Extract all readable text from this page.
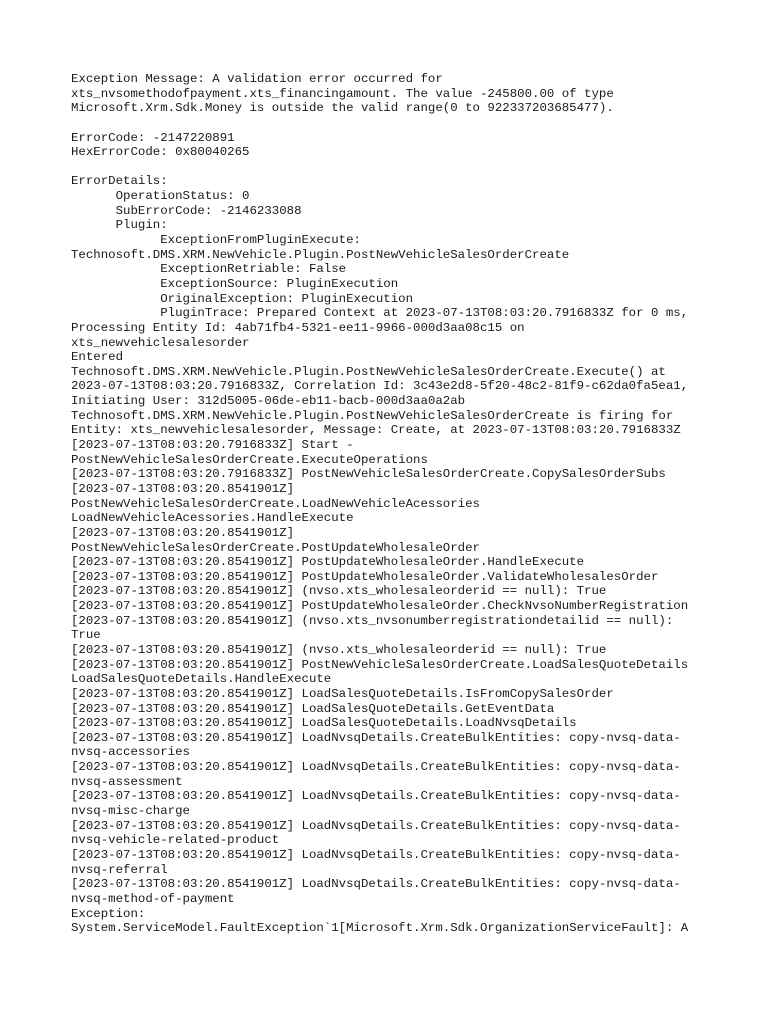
Exception Message: A validation error occurred for
xts_nvsomethodofpayment.xts_financingamount. The value -245800.00 of type
Microsoft.Xrm.Sdk.Money is outside the valid range(0 to 922337203685477).
ErrorCode: -2147220891
HexErrorCode: 0x80040265
ErrorDetails:
OperationStatus: 0
SubErrorCode: -2146233088
Plugin:
ExceptionFromPluginExecute:
Technosoft.DMS.XRM.NewVehicle.Plugin.PostNewVehicleSalesOrderCreate
ExceptionRetriable: False
ExceptionSource: PluginExecution
OriginalException: PluginExecution
PluginTrace: Prepared Context at 2023-07-13T08:03:20.7916833Z for 0 ms,
Processing Entity Id: 4ab71fb4-5321-ee11-9966-000d3aa08c15 on
xts_newvehiclesalesorder
Entered
Technosoft.DMS.XRM.NewVehicle.Plugin.PostNewVehicleSalesOrderCreate.Execute() at
2023-07-13T08:03:20.7916833Z, Correlation Id: 3c43e2d8-5f20-48c2-81f9-c62da0fa5ea1,
Initiating User: 312d5005-06de-eb11-bacb-000d3aa0a2ab
Technosoft.DMS.XRM.NewVehicle.Plugin.PostNewVehicleSalesOrderCreate is firing for
Entity: xts_newvehiclesalesorder, Message: Create, at 2023-07-13T08:03:20.7916833Z
[2023-07-13T08:03:20.7916833Z] Start -
PostNewVehicleSalesOrderCreate.ExecuteOperations
[2023-07-13T08:03:20.7916833Z] PostNewVehicleSalesOrderCreate.CopySalesOrderSubs
[2023-07-13T08:03:20.8541901Z]
PostNewVehicleSalesOrderCreate.LoadNewVehicleAcessories
LoadNewVehicleAcessories.HandleExecute
[2023-07-13T08:03:20.8541901Z]
PostNewVehicleSalesOrderCreate.PostUpdateWholesaleOrder
[2023-07-13T08:03:20.8541901Z] PostUpdateWholesaleOrder.HandleExecute
[2023-07-13T08:03:20.8541901Z] PostUpdateWholesaleOrder.ValidateWholesalesOrder
[2023-07-13T08:03:20.8541901Z] (nvso.xts_wholesaleorderid == null): True
[2023-07-13T08:03:20.8541901Z] PostUpdateWholesaleOrder.CheckNvsoNumberRegistration
[2023-07-13T08:03:20.8541901Z] (nvso.xts_nvsonumberregistrationdetailid == null):
True
[2023-07-13T08:03:20.8541901Z] (nvso.xts_wholesaleorderid == null): True
[2023-07-13T08:03:20.8541901Z] PostNewVehicleSalesOrderCreate.LoadSalesQuoteDetails
LoadSalesQuoteDetails.HandleExecute
[2023-07-13T08:03:20.8541901Z] LoadSalesQuoteDetails.IsFromCopySalesOrder
[2023-07-13T08:03:20.8541901Z] LoadSalesQuoteDetails.GetEventData
[2023-07-13T08:03:20.8541901Z] LoadSalesQuoteDetails.LoadNvsqDetails
[2023-07-13T08:03:20.8541901Z] LoadNvsqDetails.CreateBulkEntities: copy-nvsq-data-
nvsq-accessories
[2023-07-13T08:03:20.8541901Z] LoadNvsqDetails.CreateBulkEntities: copy-nvsq-data-
nvsq-assessment
[2023-07-13T08:03:20.8541901Z] LoadNvsqDetails.CreateBulkEntities: copy-nvsq-data-
nvsq-misc-charge
[2023-07-13T08:03:20.8541901Z] LoadNvsqDetails.CreateBulkEntities: copy-nvsq-data-
nvsq-vehicle-related-product
[2023-07-13T08:03:20.8541901Z] LoadNvsqDetails.CreateBulkEntities: copy-nvsq-data-
nvsq-referral
[2023-07-13T08:03:20.8541901Z] LoadNvsqDetails.CreateBulkEntities: copy-nvsq-data-
nvsq-method-of-payment
Exception:
System.ServiceModel.FaultException`1[Microsoft.Xrm.Sdk.OrganizationServiceFault]: A
